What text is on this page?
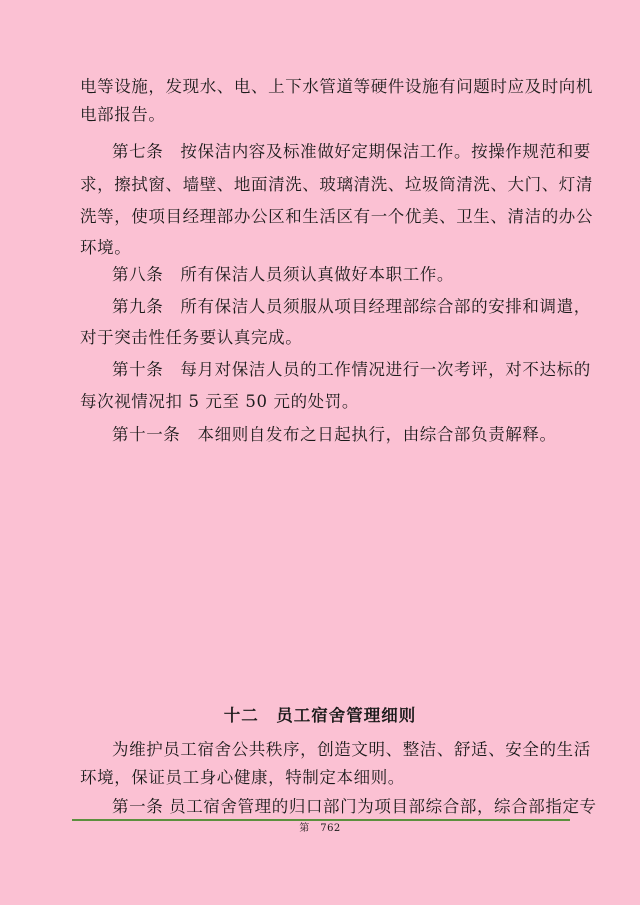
电等设施，发现水、电、上下水管道等硬件设施有问题时应及时向机
电部报告。
第七条　按保洁内容及标准做好定期保洁工作。按操作规范和要
求，擦拭窗、墙壁、地面清洗、玻璃清洗、垃圾筒清洗、大门、灯清
洗等，使项目经理部办公区和生活区有一个优美、卫生、清洁的办公
环境。
第八条　所有保洁人员须认真做好本职工作。
第九条　所有保洁人员须服从项目经理部综合部的安排和调遣，
对于突击性任务要认真完成。
第十条　每月对保洁人员的工作情况进行一次考评，对不达标的
每次视情况扣 5 元至 50 元的处罚。
第十一条　本细则自发布之日起执行，由综合部负责解释。
十二　员工宿舍管理细则
为维护员工宿舍公共秩序，创造文明、整洁、舒适、安全的生活
环境，保证员工身心健康，特制定本细则。
第一条 员工宿舍管理的归口部门为项目部综合部，综合部指定专
第　762
